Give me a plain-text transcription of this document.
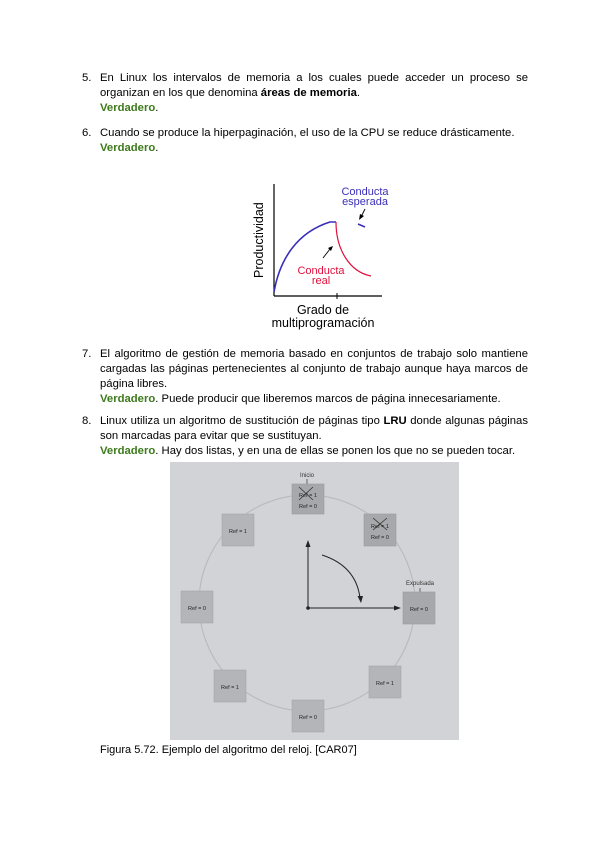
5. En Linux los intervalos de memoria a los cuales puede acceder un proceso se organizan en los que denomina áreas de memoria.
Verdadero.
6. Cuando se produce la hiperpaginación, el uso de la CPU se reduce drásticamente.
Verdadero.
Productividad
Conducta
esperada
Conducta
real
Grado de
multiprogramación
7. El algoritmo de gestión de memoria basado en conjuntos de trabajo solo mantiene cargadas las páginas pertenecientes al conjunto de trabajo aunque haya marcos de página libres.
Verdadero. Puede producir que liberemos marcos de página innecesariamente.
8. Linux utiliza un algoritmo de sustitución de páginas tipo LRU donde algunas páginas son marcadas para evitar que se sustituyan.
Verdadero. Hay dos listas, y en una de ellas se ponen los que no se pueden tocar.
Inicio
Expulsada
Ref = 1
Ref = 0
Ref = 1
Ref = 0
Ref = 1
Ref = 0	Ref = 0
Ref = 1
Ref = 1
Ref = 0
Figura 5.72. Ejemplo del algoritmo del reloj. [CAR07]
